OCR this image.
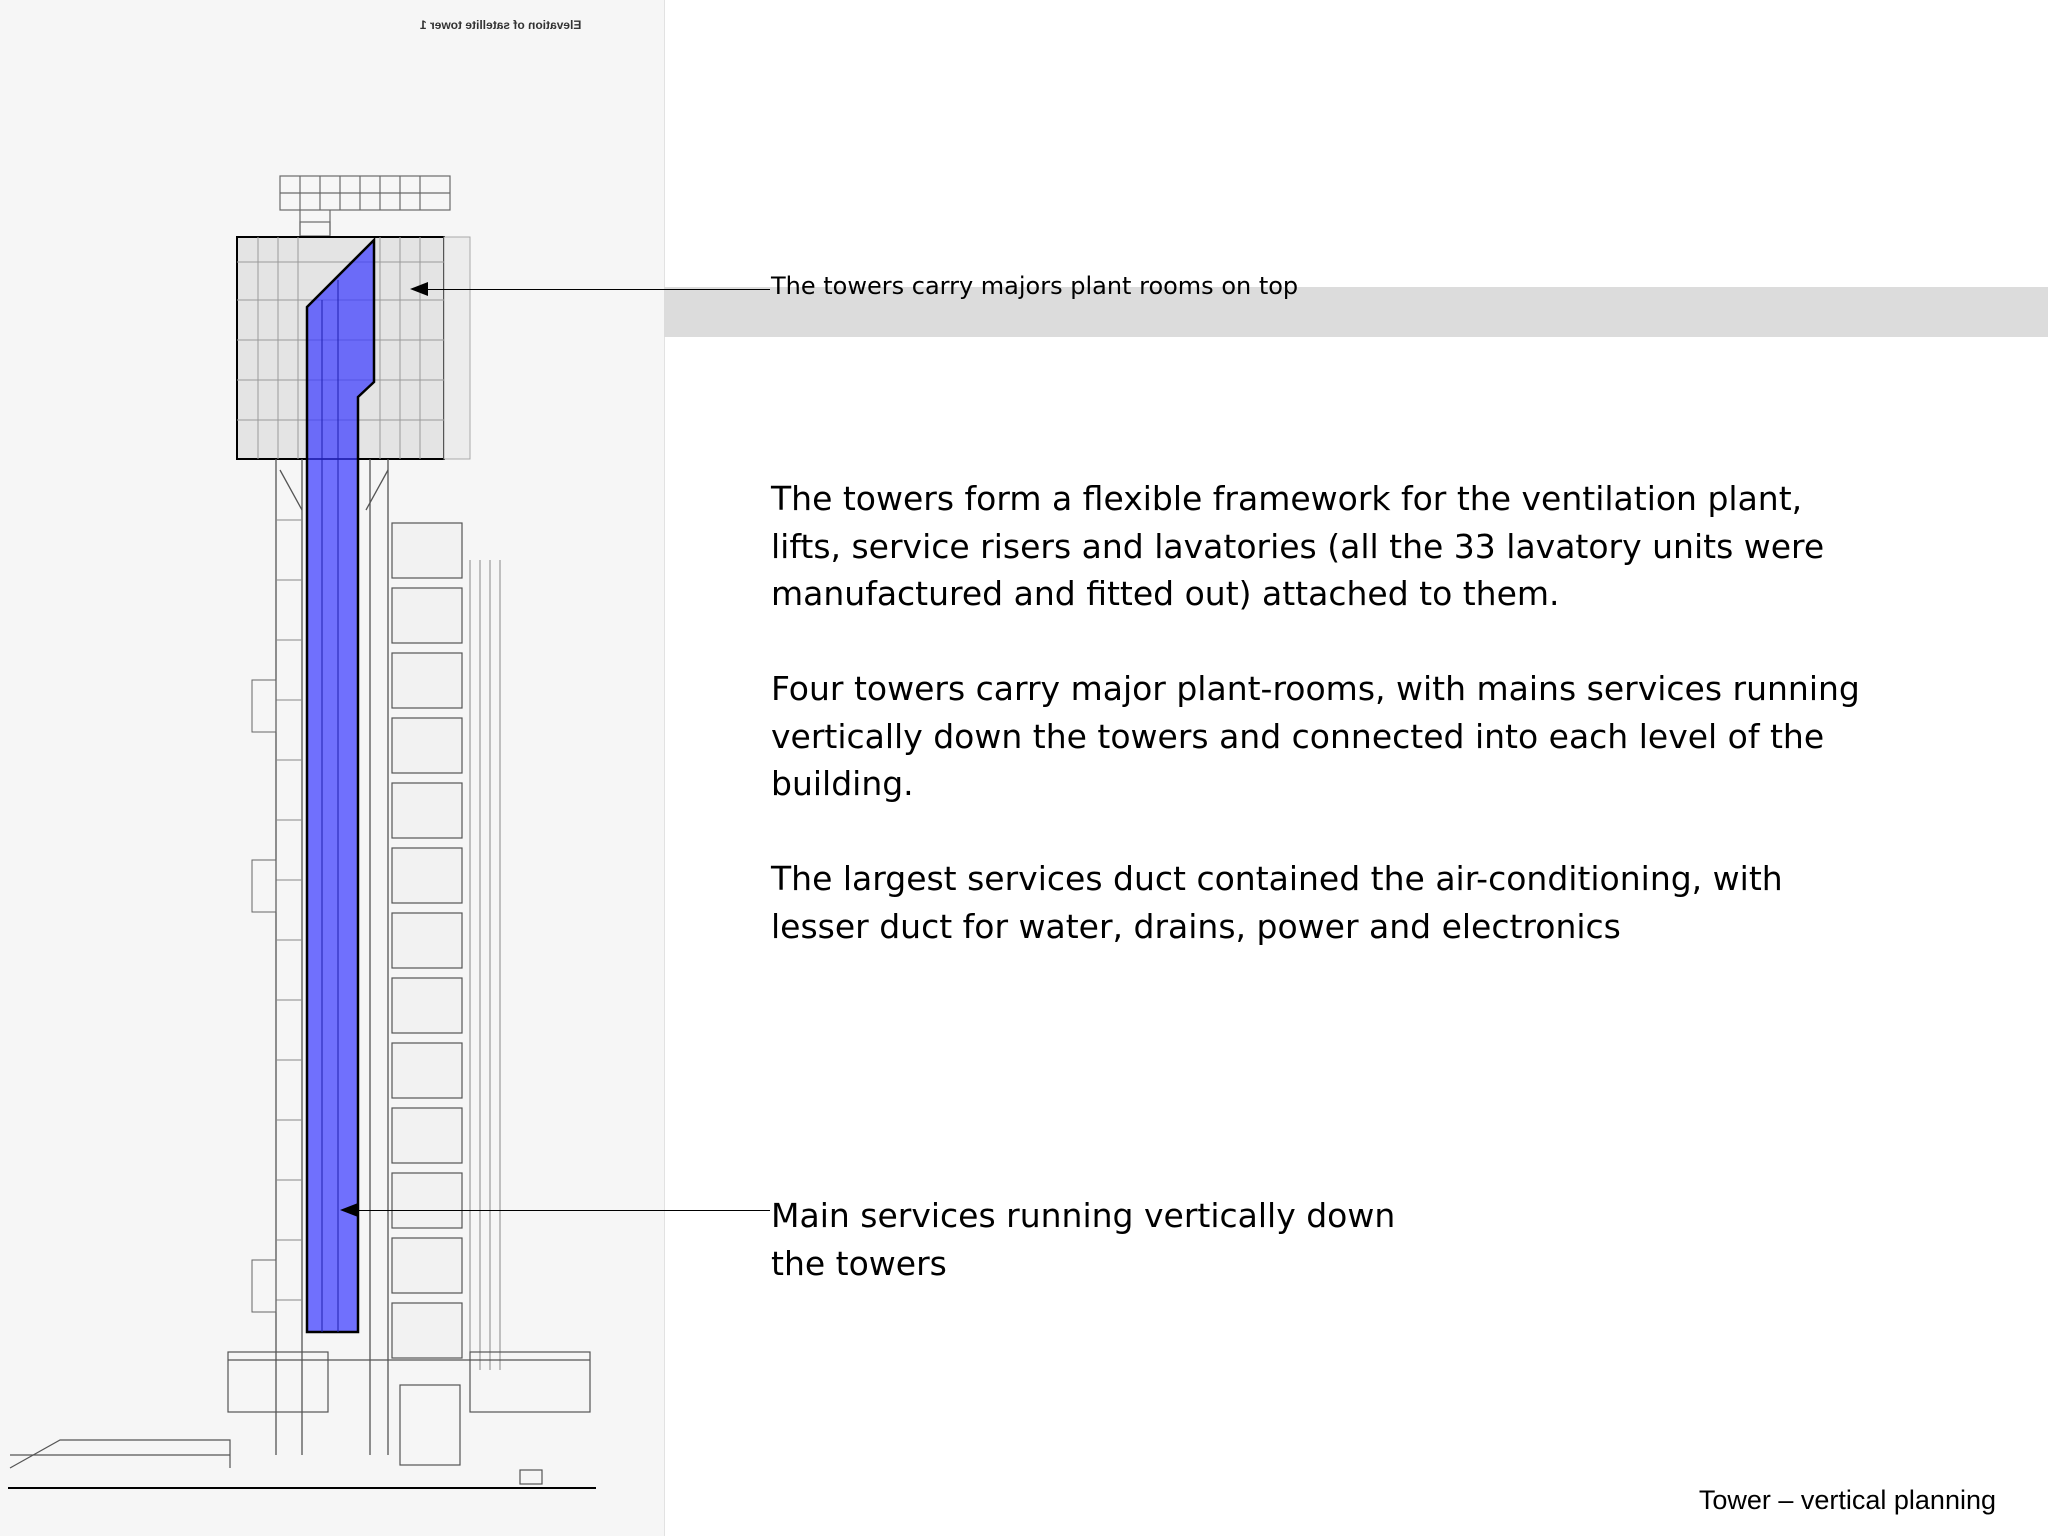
Elevation of satellite tower 1
The towers carry majors plant rooms on top

The towers form a flexible framework for the ventilation plant,
lifts, service risers and lavatories (all the 33 lavatory units were
manufactured and fitted out) attached to them.

Four towers carry major plant-rooms, with mains services running
vertically down the towers and connected into each level of the
building.

The largest services duct contained the air-conditioning, with
lesser duct for water, drains, power and electronics

Main services running vertically down
the towers

Tower – vertical planning
